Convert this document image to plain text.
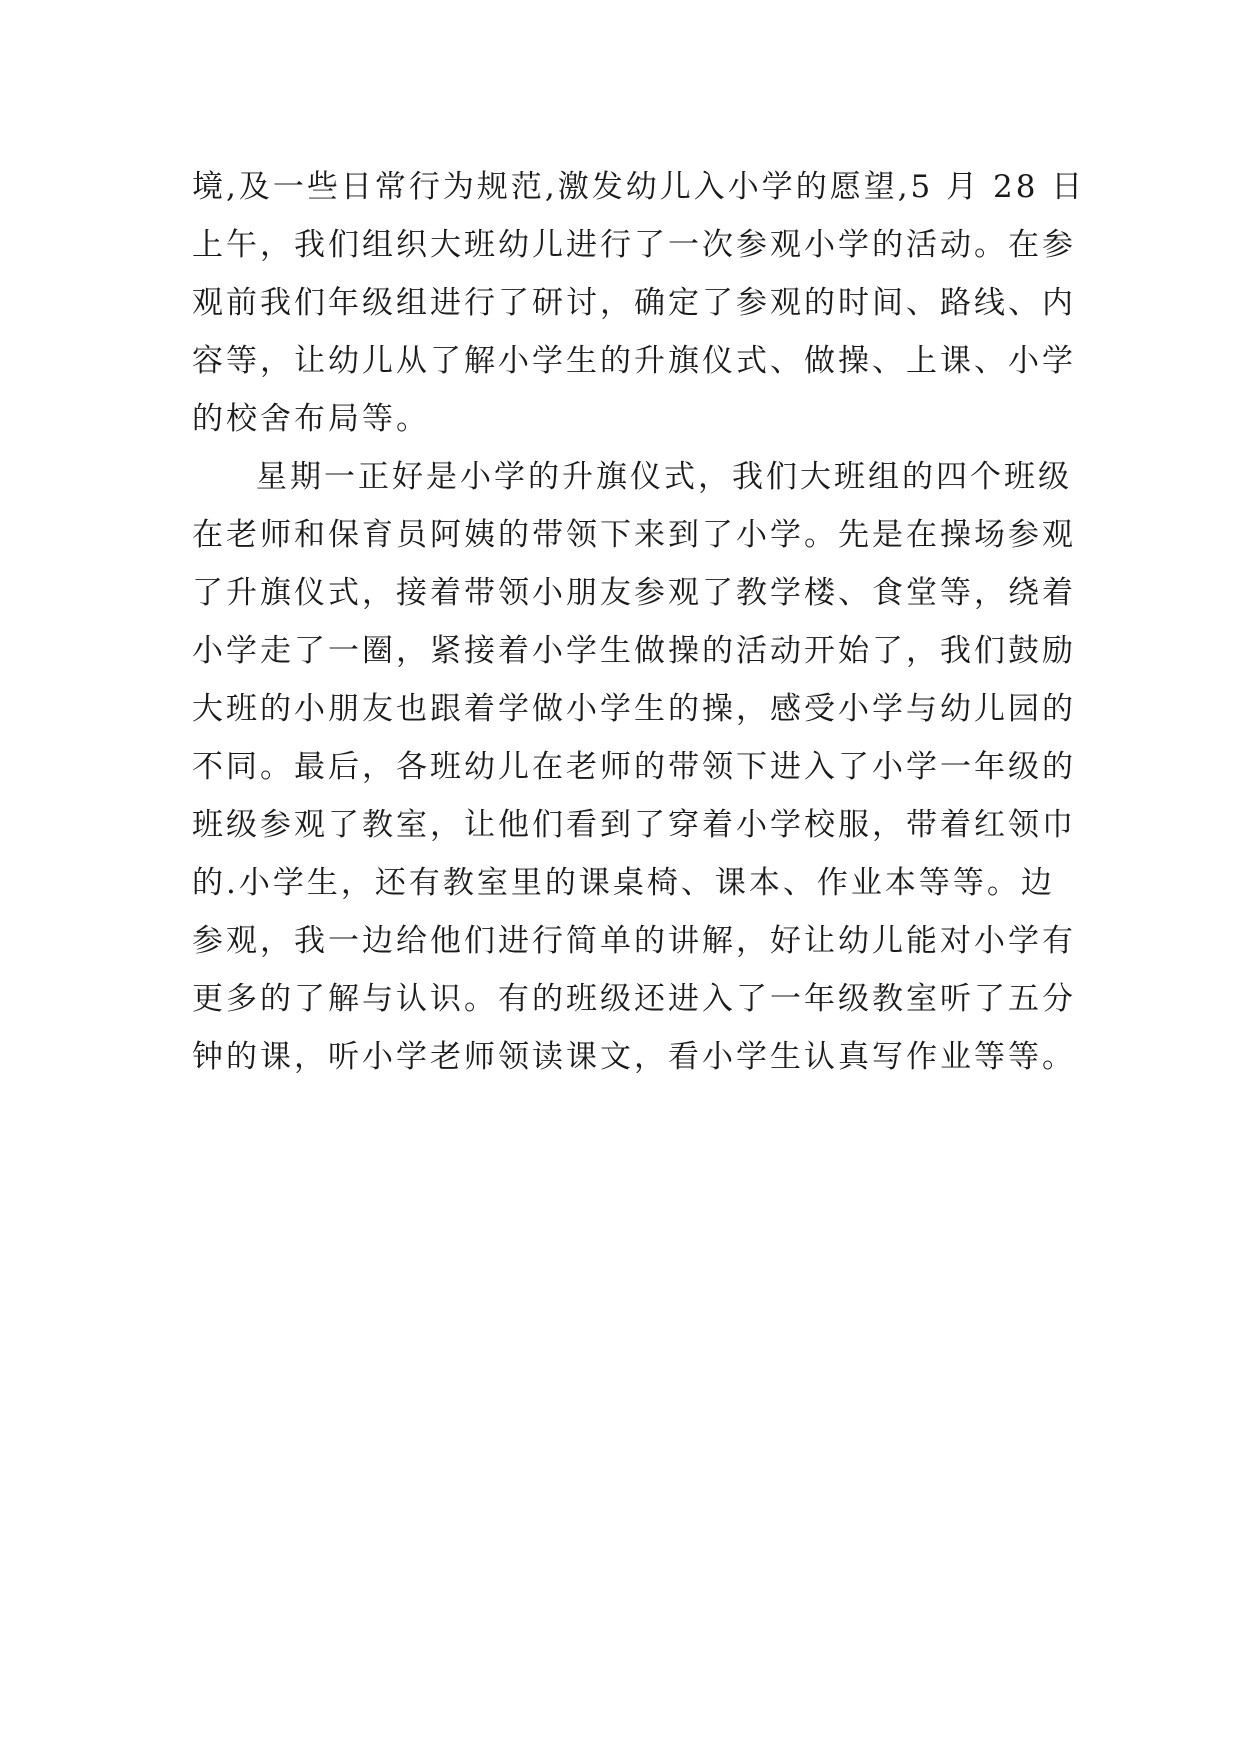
境,及一些日常行为规范,激发幼儿入小学的愿望,5 月 28 日
上午，我们组织大班幼儿进行了一次参观小学的活动。在参
观前我们年级组进行了研讨，确定了参观的时间、路线、内
容等，让幼儿从了解小学生的升旗仪式、做操、上课、小学
的校舍布局等。
星期一正好是小学的升旗仪式，我们大班组的四个班级
在老师和保育员阿姨的带领下来到了小学。先是在操场参观
了升旗仪式，接着带领小朋友参观了教学楼、食堂等，绕着
小学走了一圈，紧接着小学生做操的活动开始了，我们鼓励
大班的小朋友也跟着学做小学生的操，感受小学与幼儿园的
不同。最后，各班幼儿在老师的带领下进入了小学一年级的
班级参观了教室，让他们看到了穿着小学校服，带着红领巾
的.小学生，还有教室里的课桌椅、课本、作业本等等。边
参观，我一边给他们进行简单的讲解，好让幼儿能对小学有
更多的了解与认识。有的班级还进入了一年级教室听了五分
钟的课，听小学老师领读课文，看小学生认真写作业等等。
